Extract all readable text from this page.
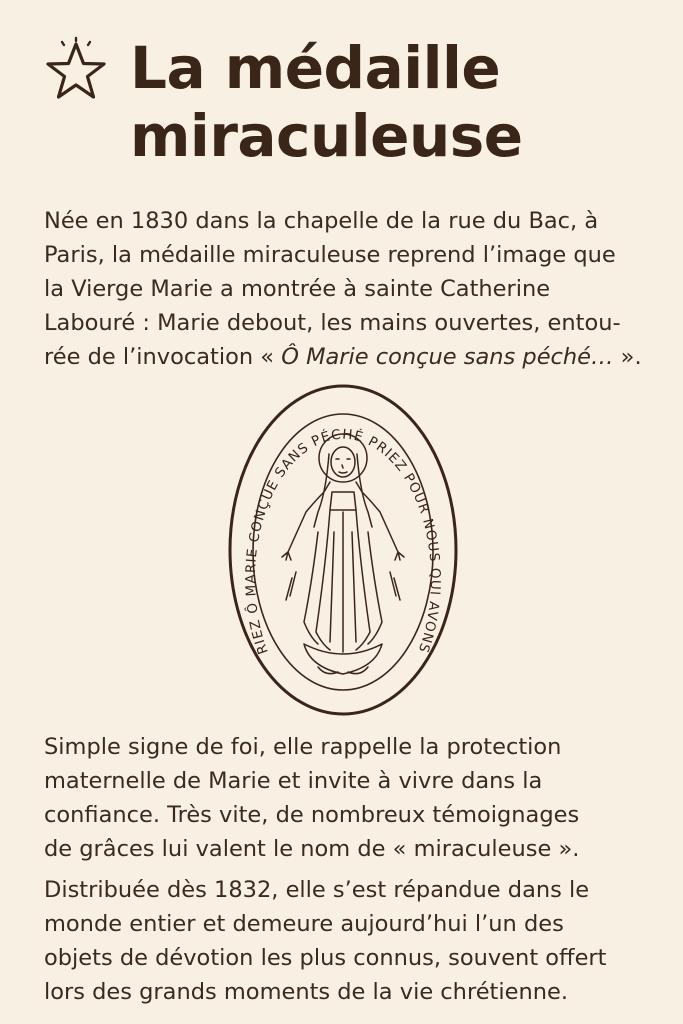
La médaille
miraculeuse

Née en 1830 dans la chapelle de la rue du Bac, à
Paris, la médaille miraculeuse reprend l’image que
la Vierge Marie a montrée à sainte Catherine
Labouré : Marie debout, les mains ouvertes, entou-
rée de l’invocation « Ô Marie conçue sans péché… ».

RIEZ Ô MARIE CONÇUE SANS PÉCHÉ PRIEZ POUR NOUS QUI AVONS

Simple signe de foi, elle rappelle la protection
maternelle de Marie et invite à vivre dans la
confiance. Très vite, de nombreux témoignages
de grâces lui valent le nom de « miraculeuse ».

Distribuée dès 1832, elle s’est répandue dans le
monde entier et demeure aujourd’hui l’un des
objets de dévotion les plus connus, souvent offert
lors des grands moments de la vie chrétienne.
